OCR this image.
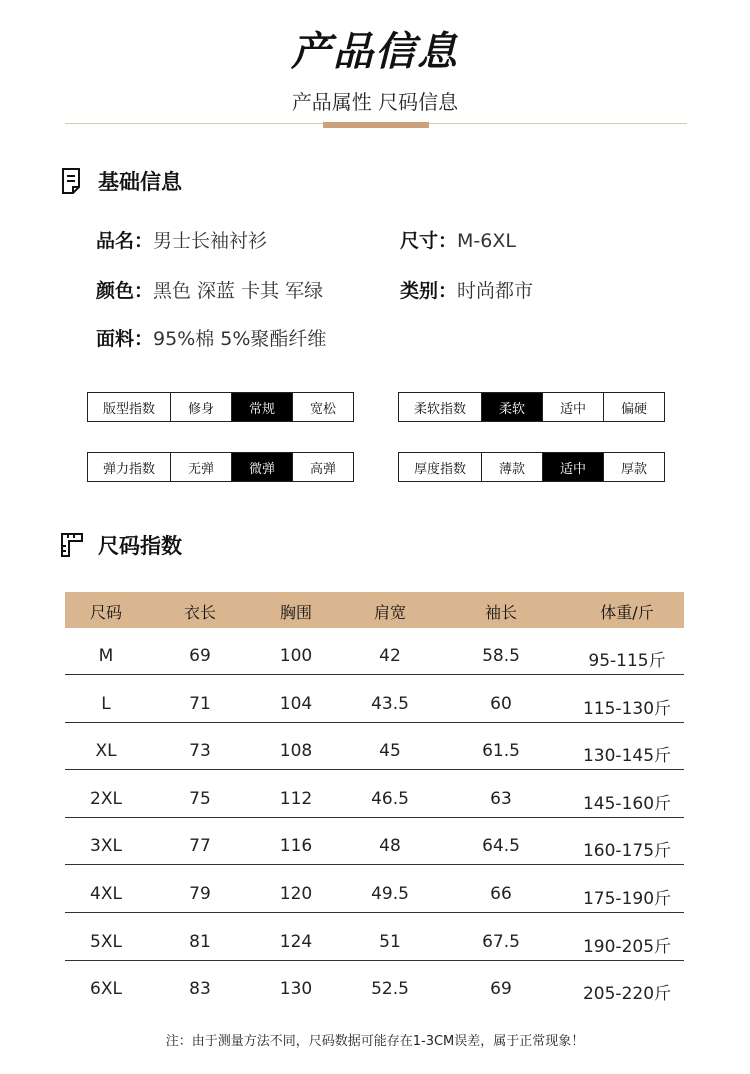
产品信息
产品属性 尺码信息
基础信息
品名：男士长袖衬衫	尺寸：M-6XL
颜色：黑色 深蓝 卡其 军绿	类别：时尚都市
面料：95%棉 5%聚酯纤维
版型指数	修身	常规	宽松	柔软指数	柔软	适中	偏硬
弹力指数	无弹	微弹	高弹	厚度指数	薄款	适中	厚款
尺码指数
尺码	衣长	胸围	肩宽	袖长	体重/斤
M	69	100	42	58.5	95-115斤
L	71	104	43.5	60	115-130斤
XL	73	108	45	61.5	130-145斤
2XL	75	112	46.5	63	145-160斤
3XL	77	116	48	64.5	160-175斤
4XL	79	120	49.5	66	175-190斤
5XL	81	124	51	67.5	190-205斤
6XL	83	130	52.5	69	205-220斤
注：由于测量方法不同，尺码数据可能存在1-3CM误差，属于正常现象！
